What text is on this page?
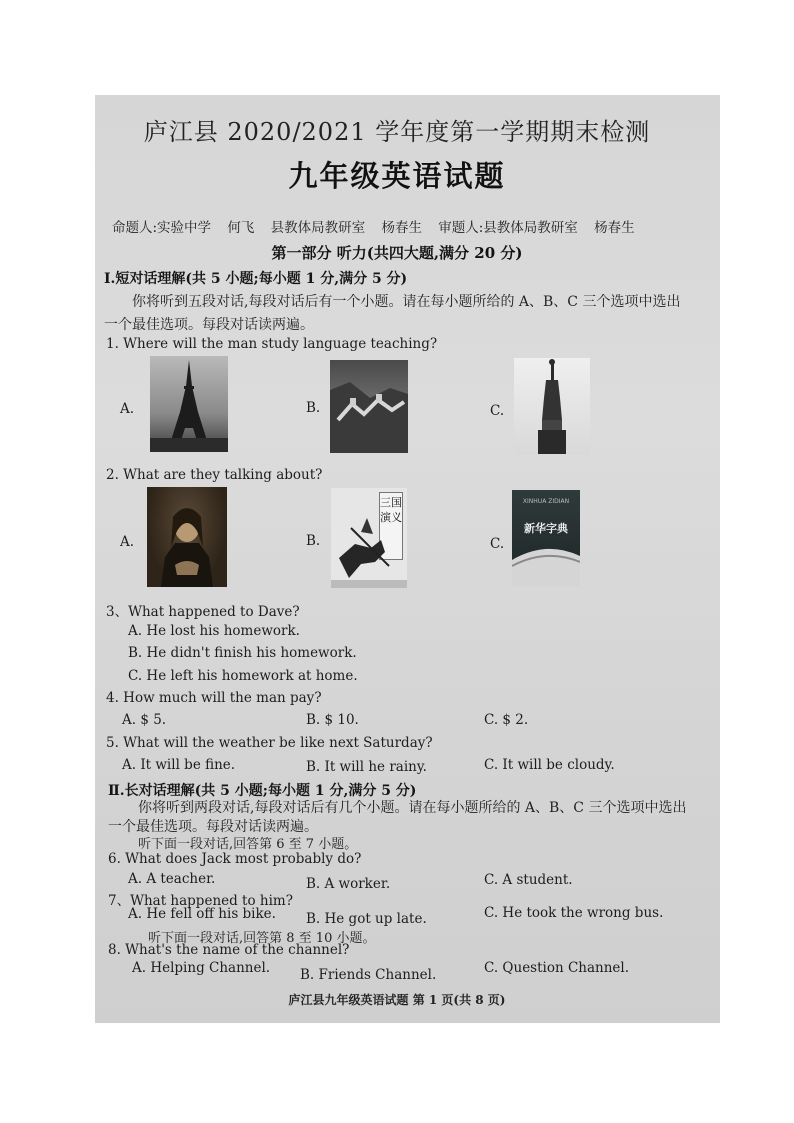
庐江县 2020/2021 学年度第一学期期末检测
九年级英语试题
命题人:实验中学 何飞 县教体局教研室 杨春生 审题人:县教体局教研室 杨春生
第一部分 听力(共四大题,满分 20 分)
Ⅰ.短对话理解(共 5 小题;每小题 1 分,满分 5 分)
你将听到五段对话,每段对话后有一个小题。请在每小题所给的 A、B、C 三个选项中选出
一个最佳选项。每段对话读两遍。
1. Where will the man study language teaching?
A.	B.	C.
2. What are they talking about?
A.	B.	C.
三国演义
XINHUA ZIDIAN
新华字典
3、What happened to Dave?
A. He lost his homework.
B. He didn't finish his homework.
C. He left his homework at home.
4. How much will the man pay?
A. $ 5.	B. $ 10.	C. $ 2.
5. What will the weather be like next Saturday?
A. It will be fine.	B. It will he rainy.	C. It will be cloudy.
Ⅱ.长对话理解(共 5 小题;每小题 1 分,满分 5 分)
你将听到两段对话,每段对话后有几个小题。请在每小题所给的 A、B、C 三个选项中选出
一个最佳选项。每段对话读两遍。
听下面一段对话,回答第 6 至 7 小题。
6. What does Jack most probably do?
A. A teacher.	B. A worker.	C. A student.
7、What happened to him?
A. He fell off his bike. B. He got up late.	C. He took the wrong bus.
听下面一段对话,回答第 8 至 10 小题。
8. What's the name of the channel?
A. Helping Channel. B. Friends Channel.	C. Question Channel.
庐江县九年级英语试题 第 1 页(共 8 页)
